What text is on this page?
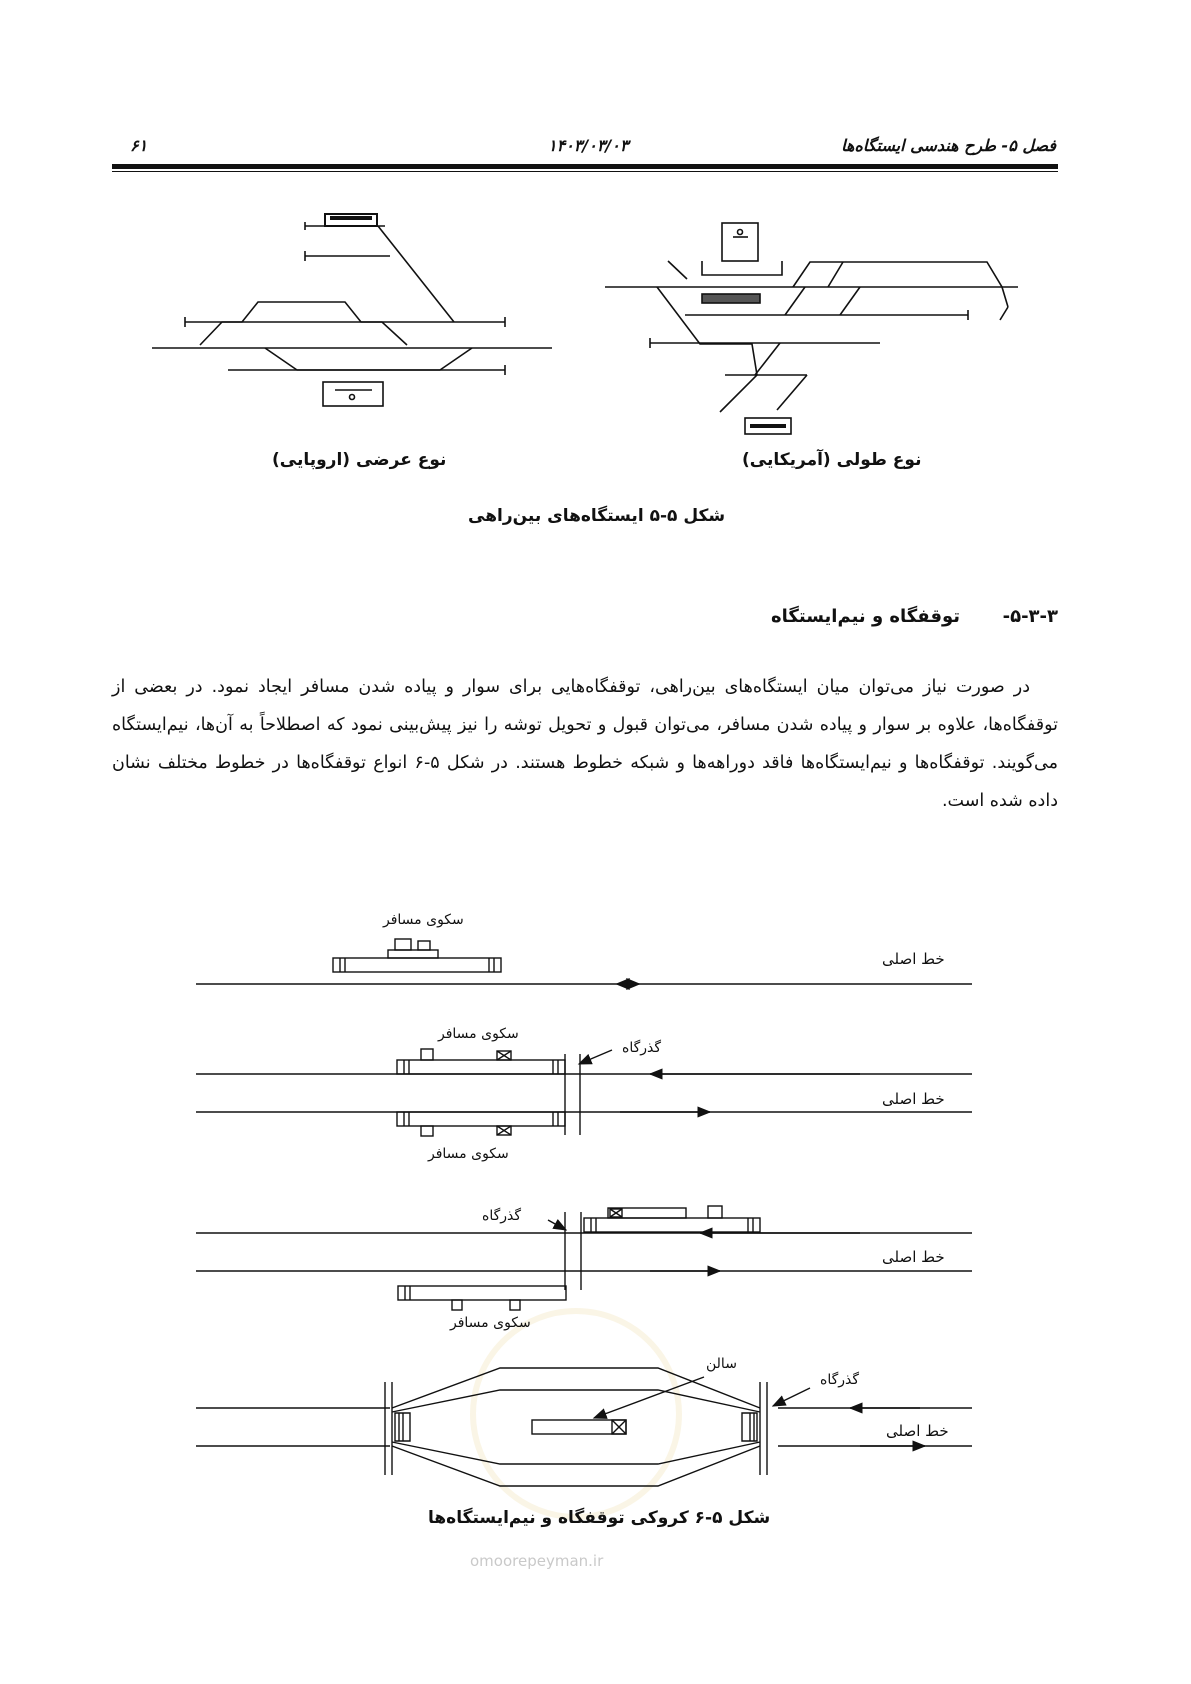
فصل ۵- طرح هندسی ایستگاه‌ها
۱۴۰۳/۰۳/۰۳
۶۱
نوع عرضی (اروپایی)	نوع طولی (آمریکایی)
شکل ۵-۵ ایستگاه‌های بین‌راهی
۵-۳-۳-  توقفگاه و نیم‌ایستگاه

در صورت نیاز می‌توان میان ایستگاه‌های بین‌راهی، توقفگاه‌هایی برای سوار و پیاده شدن مسافر ایجاد نمود. در بعضی از توقفگاه‌ها، علاوه بر سوار و پیاده شدن مسافر، می‌توان قبول و تحویل توشه را نیز پیش‌بینی نمود که اصطلاحاً به آن‌ها، نیم‌ایستگاه می‌گویند. توقفگاه‌ها و نیم‌ایستگاه‌ها فاقد دوراهه‌ها و شبکه خطوط هستند. در شکل ۵-۶ انواع توقفگاه‌ها در خطوط مختلف نشان داده شده است.

omoorepeyman.ir
سکوی مسافر
خط اصلی
سکوی مسافر
گذرگاه
خط اصلی
سکوی مسافر
گذرگاه
خط اصلی
سکوی مسافر
سالن
گذرگاه
خط اصلی
شکل ۵-۶ کروکی توقفگاه و نیم‌ایستگاه‌ها
